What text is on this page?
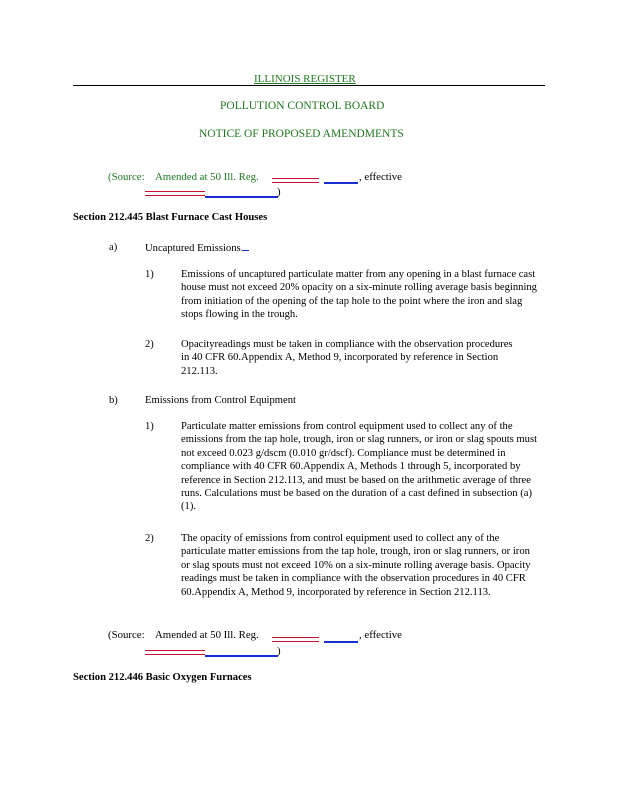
ILLINOIS REGISTER
POLLUTION CONTROL BOARD
NOTICE OF PROPOSED AMENDMENTS
(Source: Amended at 50 Ill. Reg.	, effective
)
Section 212.445 Blast Furnace Cast Houses
a)	Uncaptured Emissions.
1)	Emissions of uncaptured particulate matter from any opening in a blast furnace cast house must not exceed 20% opacity on a six-minute rolling average basis beginning from initiation of the opening of the tap hole to the point where the iron and slag stops flowing in the trough.
2)	Opacityreadings must be taken in compliance with the observation procedures in 40 CFR 60.Appendix A, Method 9, incorporated by reference in Section 212.113.
b)	Emissions from Control Equipment
1)	Particulate matter emissions from control equipment used to collect any of the emissions from the tap hole, trough, iron or slag runners, or iron or slag spouts must not exceed 0.023 g/dscm (0.010 gr/dscf). Compliance must be determined in compliance with 40 CFR 60.Appendix A, Methods 1 through 5, incorporated by reference in Section 212.113, and must be based on the arithmetic average of three runs. Calculations must be based on the duration of a cast defined in subsection (a)(1).
2)	The opacity of emissions from control equipment used to collect any of the particulate matter emissions from the tap hole, trough, iron or slag runners, or iron or slag spouts must not exceed 10% on a six-minute rolling average basis. Opacity readings must be taken in compliance with the observation procedures in 40 CFR 60.Appendix A, Method 9, incorporated by reference in Section 212.113.
(Source: Amended at 50 Ill. Reg.	, effective
)
Section 212.446 Basic Oxygen Furnaces
